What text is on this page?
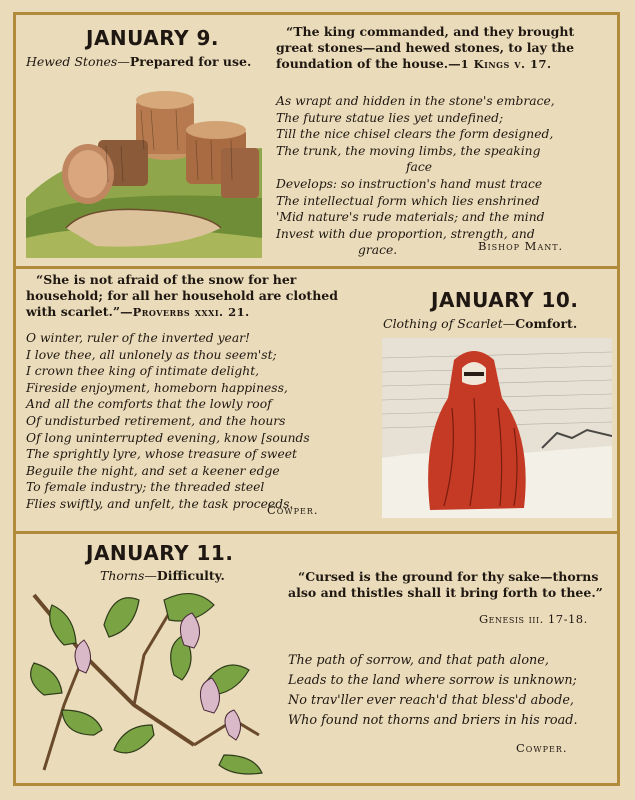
JANUARY 9.
Hewed Stones—Prepared for use.
“The king commanded, and they brought
great stones—and hewed stones, to lay the
foundation of the house.—1 Kings v. 17.
As wrapt and hidden in the stone's embrace,
The future statue lies yet undefined;
Till the nice chisel clears the form designed,
The trunk, the moving limbs, the speaking
face
Develops: so instruction's hand must trace
The intellectual form which lies enshrined
'Mid nature's rude materials; and the mind
Invest with due proportion, strength, and
grace.	Bishop Mant.
“She is not afraid of the snow for her
household; for all her household are clothed
with scarlet.”—Proverbs xxxi. 21.
O winter, ruler of the inverted year!
I love thee, all unlonely as thou seem'st;
I crown thee king of intimate delight,
Fireside enjoyment, homeborn happiness,
And all the comforts that the lowly roof
Of undisturbed retirement, and the hours
Of long uninterrupted evening, know [sounds
The sprightly lyre, whose treasure of sweet
Beguile the night, and set a keener edge
To female industry; the threaded steel
Flies swiftly, and unfelt, the task proceeds.
Cowper.
JANUARY 10.
Clothing of Scarlet—Comfort.
JANUARY 11.
Thorns—Difficulty.	“Cursed is the ground for thy sake—thorns
also and thistles shall it bring forth to thee.”
Genesis iii. 17-18.
The path of sorrow, and that path alone,
Leads to the land where sorrow is unknown;
No trav'ller ever reach'd that bless'd abode,
Who found not thorns and briers in his road.
Cowper.
